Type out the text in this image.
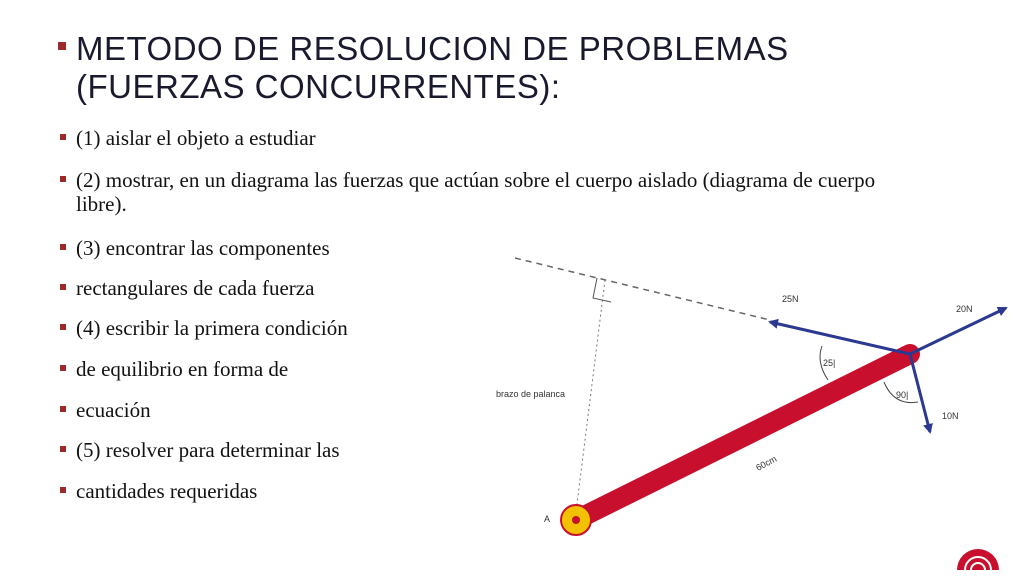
METODO DE RESOLUCION DE PROBLEMAS
(FUERZAS CONCURRENTES):
(1) aislar el objeto a estudiar
(2) mostrar, en un diagrama las fuerzas que actúan sobre el cuerpo aislado (diagrama de cuerpo libre).
(3) encontrar las componentes
rectangulares de cada fuerza
(4) escribir la primera condición
de equilibrio en forma de
ecuación
(5) resolver para determinar las
cantidades requeridas
25N
20N
10N
25|
90|
brazo de palanca
60cm
A
